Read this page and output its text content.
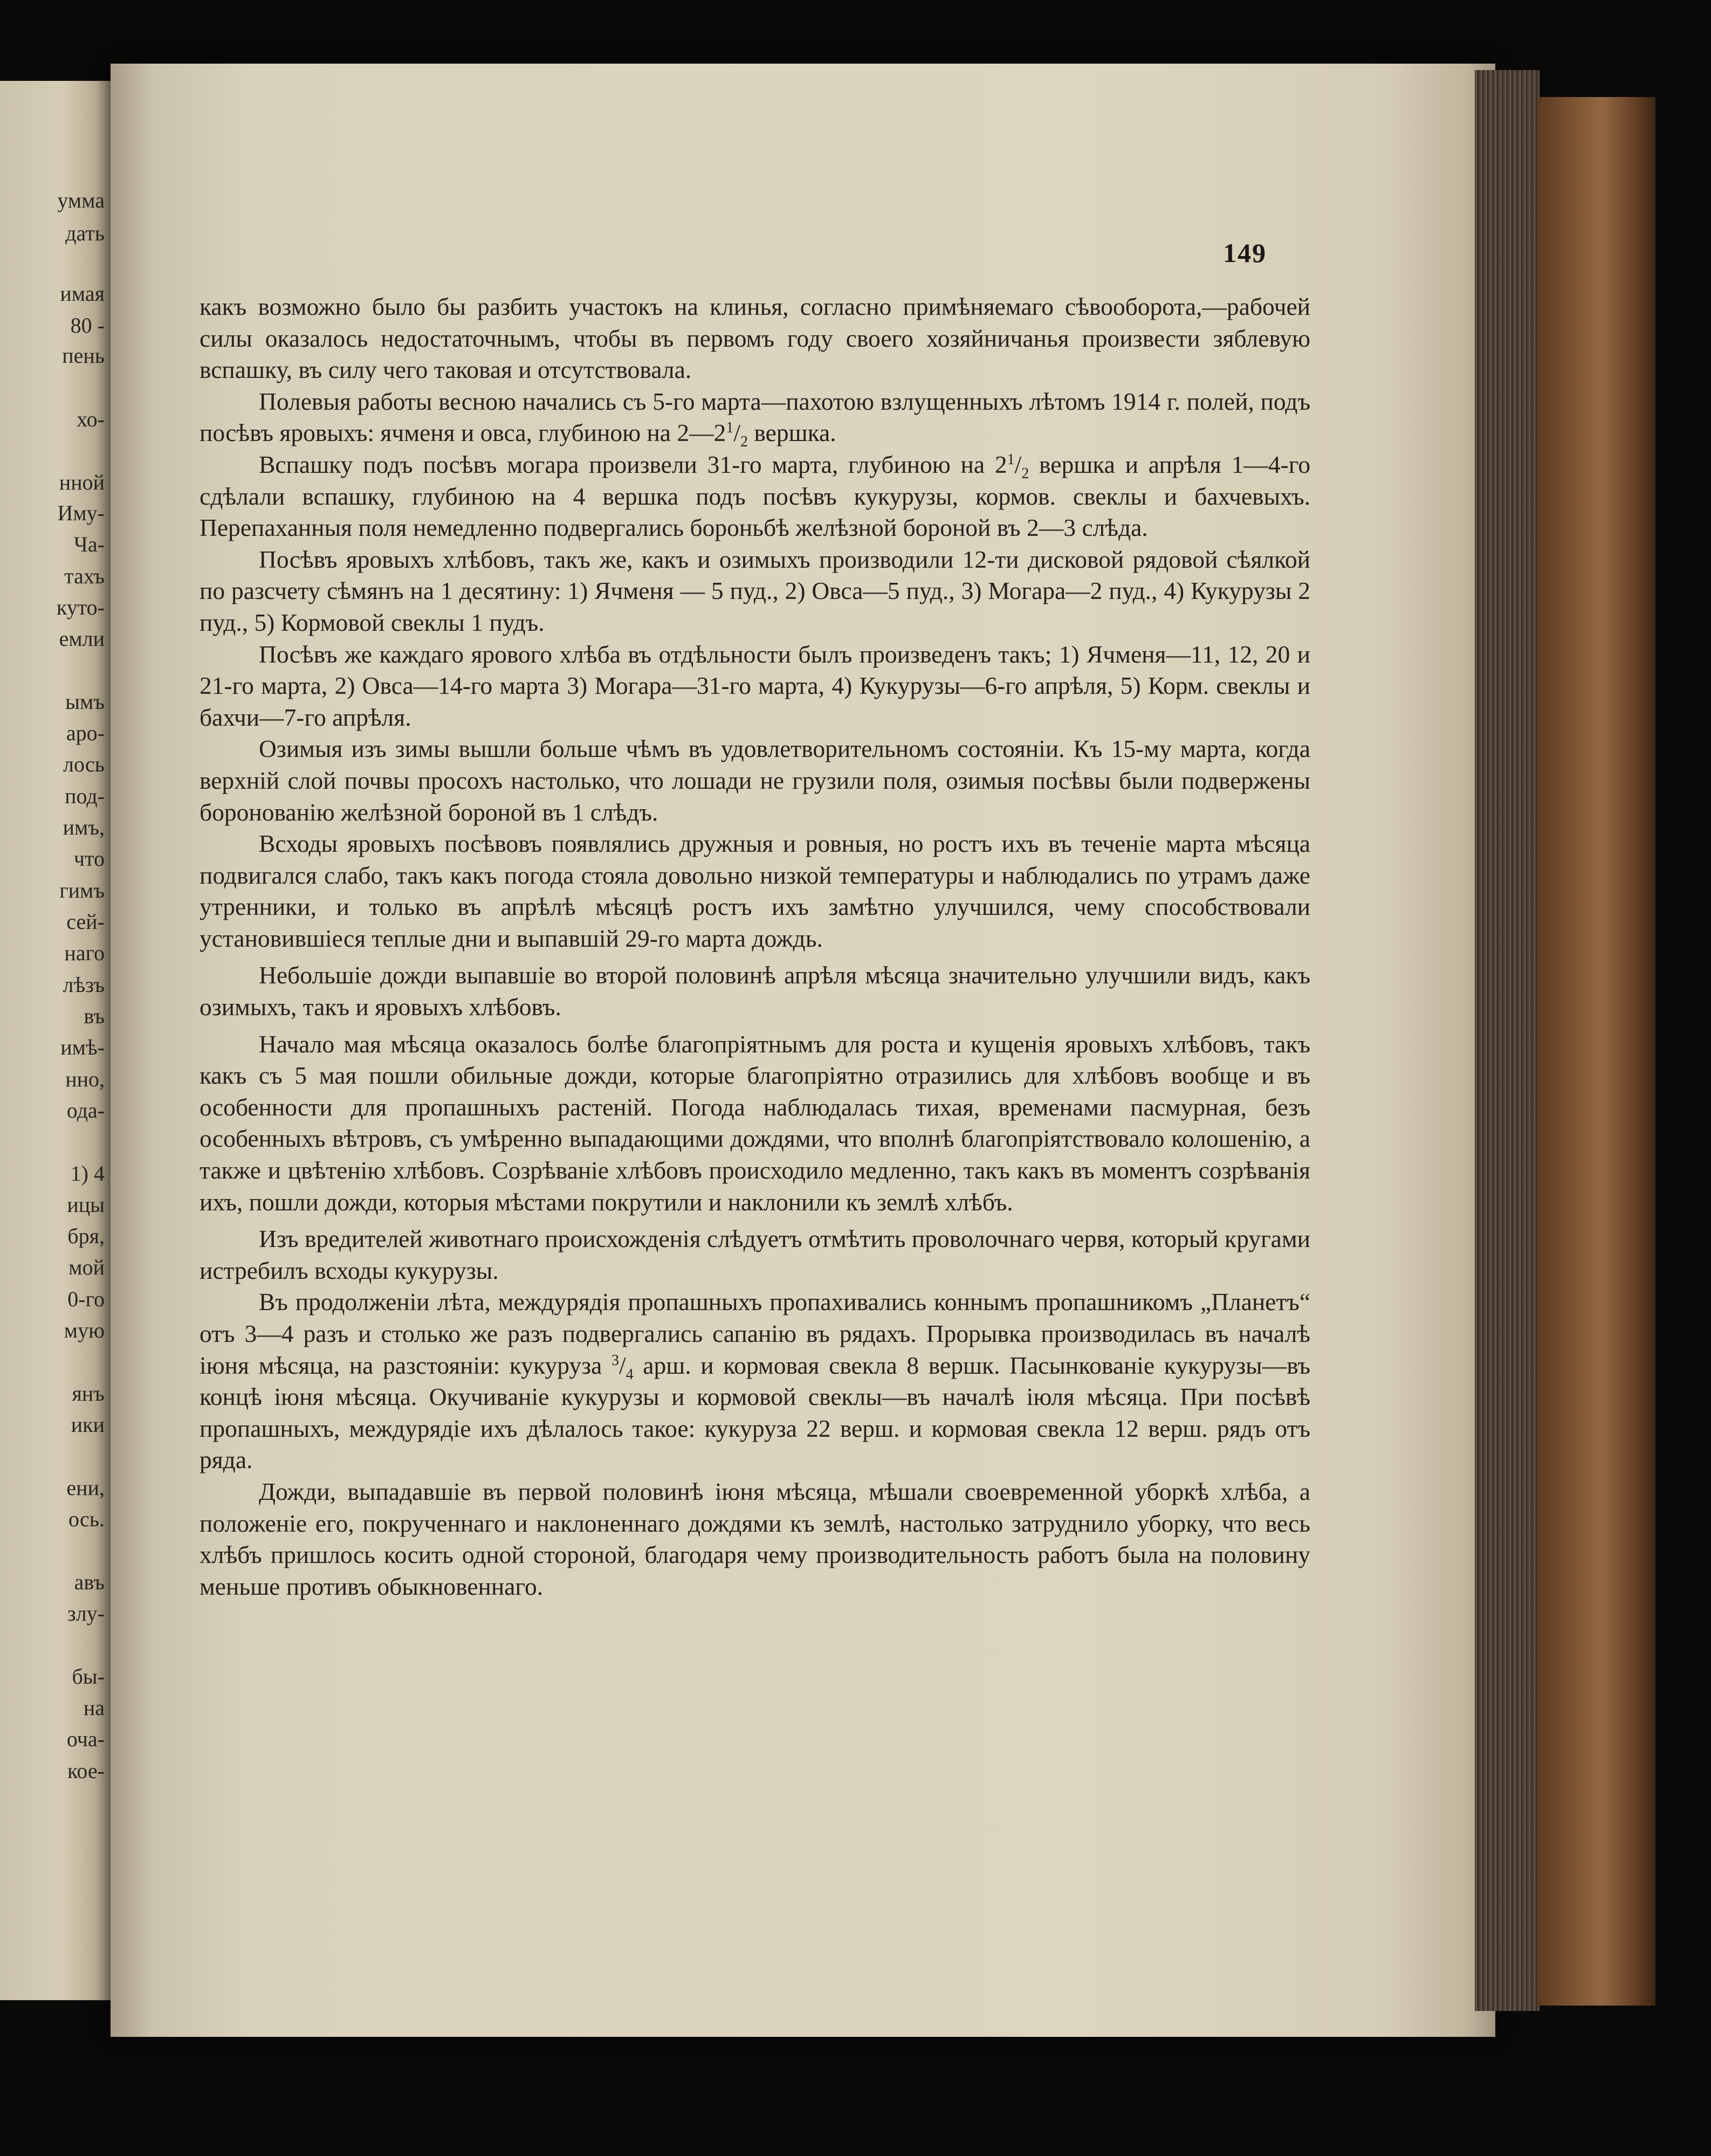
умма
дать
имая
80 -
пень
хо-
нной
Иму-
Ча-
тахъ
куто-
емли
ымъ
аро-
лось
под-
имъ,
что
гимъ
сей-
наго
лѣзъ
въ
имѣ-
нно,
ода-
1) 4
ицы
бря,
мой
0-го
мую
янъ
ики
ени,
ось.
авъ
злу-
бы-
на
оча-
кое-
149

какъ возможно было бы разбить участокъ на клинья, согласно примѣняемаго сѣвооборота,—рабочей силы оказалось недостаточнымъ, чтобы въ первомъ году своего хозяйничанья произвести зяблевую вспашку, въ силу чего таковая и отсутствовала.

Полевыя работы весною начались съ 5-го марта—пахотою взлущенныхъ лѣтомъ 1914 г. полей, подъ посѣвъ яровыхъ: ячменя и овса, глубиною на $2—2^1/_2$ вершка.

Вспашку подъ посѣвъ могара произвели 31-го марта, глубиною на $2^1/_2$ вершка и апрѣля 1—4-го сдѣлали вспашку, глубиною на 4 вершка подъ посѣвъ кукурузы, кормов. свеклы и бахчевыхъ. Перепаханныя поля немедленно подвергались бороньбѣ желѣзной бороной въ 2—3 слѣда.

Посѣвъ яровыхъ хлѣбовъ, такъ же, какъ и озимыхъ производили 12-ти дисковой рядовой сѣялкой по разсчету сѣмянъ на 1 десятину: 1) Ячменя — 5 пуд., 2) Овса—5 пуд., 3) Могара—2 пуд., 4) Кукурузы 2 пуд., 5) Кормовой свеклы 1 пудъ.

Посѣвъ же каждаго ярового хлѣба въ отдѣльности былъ произведенъ такъ; 1) Ячменя—11, 12, 20 и 21-го марта, 2) Овса—14-го марта 3) Могара—31-го марта, 4) Кукурузы—6-го апрѣля, 5) Корм. свеклы и бахчи—7-го апрѣля.

Озимыя изъ зимы вышли больше чѣмъ въ удовлетворительномъ состояніи. Къ 15-му марта, когда верхній слой почвы просохъ настолько, что лошади не грузили поля, озимыя посѣвы были подвержены боронованію желѣзной бороной въ 1 слѣдъ.

Всходы яровыхъ посѣвовъ появлялись дружныя и ровныя, но ростъ ихъ въ теченіе марта мѣсяца подвигался слабо, такъ какъ погода стояла довольно низкой температуры и наблюдались по утрамъ даже утренники, и только въ апрѣлѣ мѣсяцѣ ростъ ихъ замѣтно улучшился, чему способствовали установившіеся теплые дни и выпавшій 29-го марта дождь.

Небольшіе дожди выпавшіе во второй половинѣ апрѣля мѣсяца значительно улучшили видъ, какъ озимыхъ, такъ и яровыхъ хлѣбовъ.

Начало мая мѣсяца оказалось болѣе благопріятнымъ для роста и кущенія яровыхъ хлѣбовъ, такъ какъ съ 5 мая пошли обильные дожди, которые благопріятно отразились для хлѣбовъ вообще и въ особенности для пропашныхъ растеній. Погода наблюдалась тихая, временами пасмурная, безъ особенныхъ вѣтровъ, съ умѣренно выпадающими дождями, что вполнѣ благопріятствовало колошенію, а также и цвѣтенію хлѣбовъ. Созрѣваніе хлѣбовъ происходило медленно, такъ какъ въ моментъ созрѣванія ихъ, пошли дожди, которыя мѣстами покрутили и наклонили къ землѣ хлѣбъ.

Изъ вредителей животнаго происхожденія слѣдуетъ отмѣтить проволочнаго червя, который кругами истребилъ всходы кукурузы.

Въ продолженіи лѣта, междурядія пропашныхъ пропахивались коннымъ пропашникомъ „Планетъ“ отъ 3—4 разъ и столько же разъ подвергались сапанію въ рядахъ. Прорывка производилась въ началѣ іюня мѣсяца, на разстояніи: кукуруза $^3/_4$ арш. и кормовая свекла 8 вершк. Пасынкованіе кукурузы—въ концѣ іюня мѣсяца. Окучиваніе кукурузы и кормовой свеклы—въ началѣ іюля мѣсяца. При посѣвѣ пропашныхъ, междурядіе ихъ дѣлалось такое: кукуруза 22 верш. и кормовая свекла 12 верш. рядъ отъ ряда.

Дожди, выпадавшіе въ первой половинѣ іюня мѣсяца, мѣшали своевременной уборкѣ хлѣба, а положеніе его, покрученнаго и наклоненнаго дождями къ землѣ, настолько затруднило уборку, что весь хлѣбъ пришлось косить одной стороной, благодаря чему производительность работъ была на половину меньше противъ обыкновеннаго.
